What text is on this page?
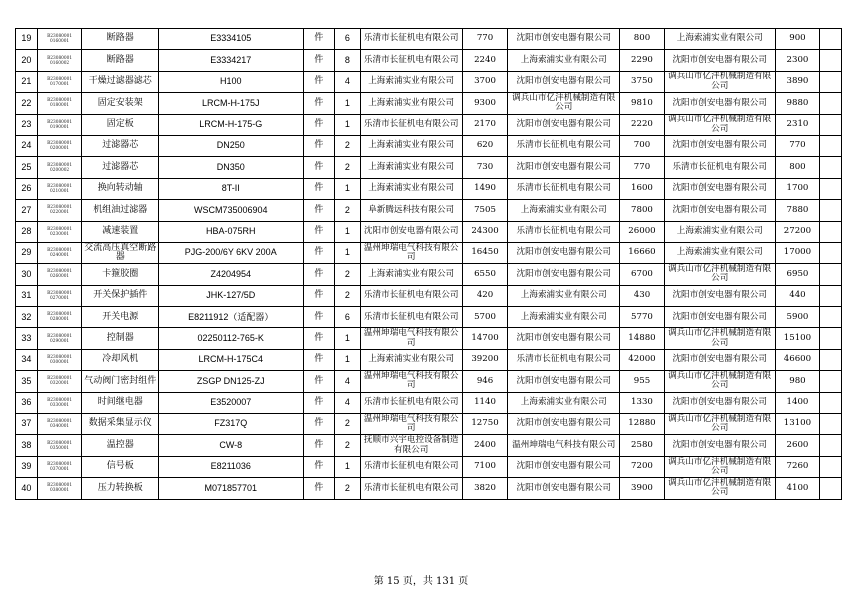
19	B23080001 0160001	断路器	E3334105	件	6	乐清市长征机电有限公司	770	沈阳市创安电器有限公司	800	上海索浦实业有限公司	900	
20	B23080001 0160002	断路器	E3334217	件	8	乐清市长征机电有限公司	2240	上海索浦实业有限公司	2290	沈阳市创安电器有限公司	2300	
21	B23080001 0170001	干燥过滤器滤芯	H100	件	4	上海索浦实业有限公司	3700	沈阳市创安电器有限公司	3750	调兵山市亿沣机械制造有限公司	3890	
22	B23080001 0180001	固定安装架	LRCM-H-175J	件	1	上海索浦实业有限公司	9300	调兵山市亿沣机械制造有限公司	9810	沈阳市创安电器有限公司	9880	
23	B23080001 0190001	固定板	LRCM-H-175-G	件	1	乐清市长征机电有限公司	2170	沈阳市创安电器有限公司	2220	调兵山市亿沣机械制造有限公司	2310	
24	B23080001 0200001	过滤器芯	DN250	件	2	上海索浦实业有限公司	620	乐清市长征机电有限公司	700	沈阳市创安电器有限公司	770	
25	B23080001 0200002	过滤器芯	DN350	件	2	上海索浦实业有限公司	730	沈阳市创安电器有限公司	770	乐清市长征机电有限公司	800	
26	B23080001 0210001	换向转动轴	8T-II	件	1	上海索浦实业有限公司	1490	乐清市长征机电有限公司	1600	沈阳市创安电器有限公司	1700	
27	B23080001 0220001	机组油过滤器	WSCM735006904	件	2	阜新腾远科技有限公司	7505	上海索浦实业有限公司	7800	沈阳市创安电器有限公司	7880	
28	B23080001 0230001	减速装置	HBA-075RH	件	1	沈阳市创安电器有限公司	24300	乐清市长征机电有限公司	26000	上海索浦实业有限公司	27200	
29	B23080001 0240001	交流高压真空断路器	PJG-200/6Y 6KV 200A	件	1	温州坤瑞电气科技有限公司	16450	沈阳市创安电器有限公司	16660	上海索浦实业有限公司	17000	
30	B23080001 0260001	卡箍胶圈	Z4204954	件	2	上海索浦实业有限公司	6550	沈阳市创安电器有限公司	6700	调兵山市亿沣机械制造有限公司	6950	
31	B23080001 0270001	开关保护插件	JHK-127/5D	件	2	乐清市长征机电有限公司	420	上海索浦实业有限公司	430	沈阳市创安电器有限公司	440	
32	B23080001 0280001	开关电源	E8211912（适配器）	件	6	乐清市长征机电有限公司	5700	上海索浦实业有限公司	5770	沈阳市创安电器有限公司	5900	
33	B23080001 0290001	控制器	02250112-765-K	件	1	温州坤瑞电气科技有限公司	14700	沈阳市创安电器有限公司	14880	调兵山市亿沣机械制造有限公司	15100	
34	B23080001 0300001	冷却风机	LRCM-H-175C4	件	1	上海索浦实业有限公司	39200	乐清市长征机电有限公司	42000	沈阳市创安电器有限公司	46600	
35	B23080001 0320001	气动阀门密封组件	ZSGP DN125-ZJ	件	4	温州坤瑞电气科技有限公司	946	沈阳市创安电器有限公司	955	调兵山市亿沣机械制造有限公司	980	
36	B23080001 0330001	时间继电器	E3520007	件	4	乐清市长征机电有限公司	1140	上海索浦实业有限公司	1330	沈阳市创安电器有限公司	1400	
37	B23080001 0340001	数据采集显示仪	FZ317Q	件	2	温州坤瑞电气科技有限公司	12750	沈阳市创安电器有限公司	12880	调兵山市亿沣机械制造有限公司	13100	
38	B23080001 0350001	温控器	CW-8	件	2	抚顺市兴宇电控设备制造有限公司	2400	温州坤瑞电气科技有限公司	2580	沈阳市创安电器有限公司	2600	
39	B23080001 0370001	信号板	E8211036	件	1	乐清市长征机电有限公司	7100	沈阳市创安电器有限公司	7200	调兵山市亿沣机械制造有限公司	7260	
40	B23080001 0380001	压力转换板	M071857701	件	2	乐清市长征机电有限公司	3820	沈阳市创安电器有限公司	3900	调兵山市亿沣机械制造有限公司	4100	
第 15 页，共 131 页
